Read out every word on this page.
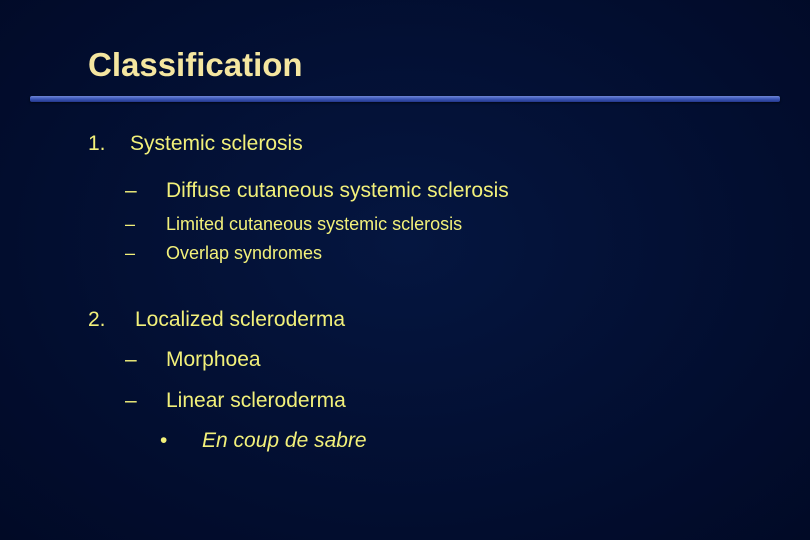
Classification
1. Systemic sclerosis
– Diffuse cutaneous systemic sclerosis
– Limited cutaneous systemic sclerosis
– Overlap syndromes
2. Localized scleroderma
– Morphoea
– Linear scleroderma
• En coup de sabre
